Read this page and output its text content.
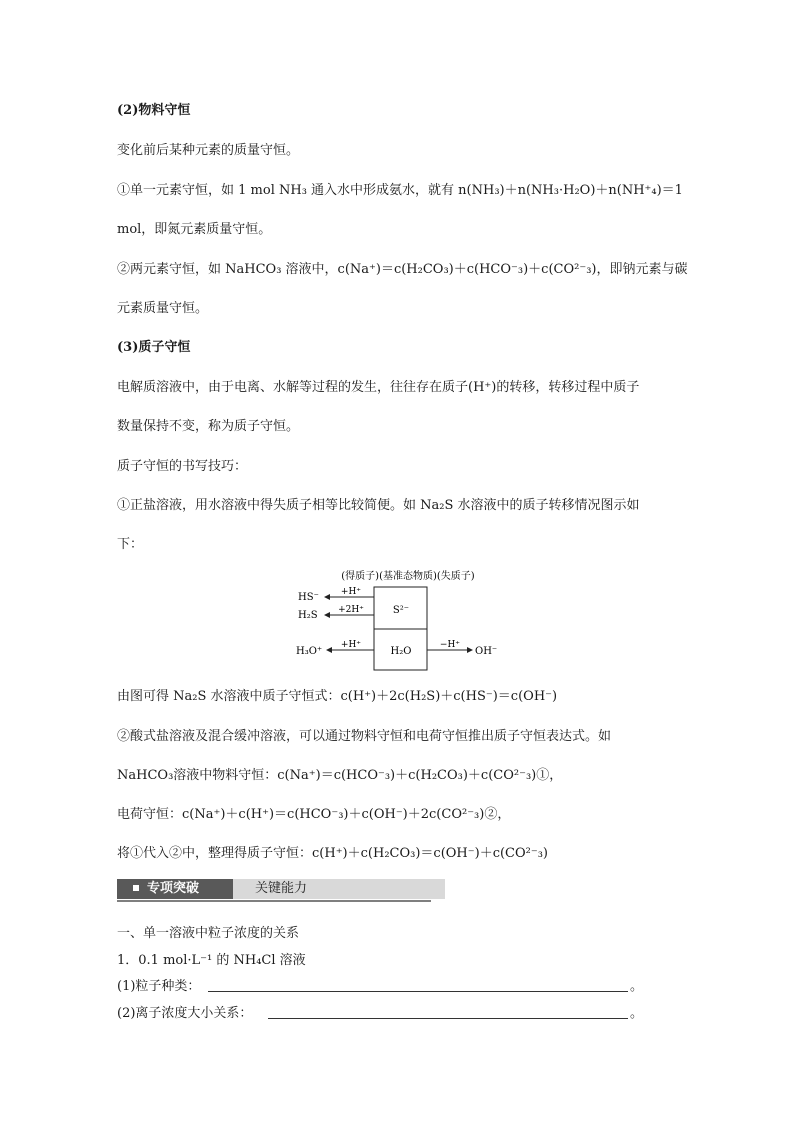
(2)物料守恒
变化前后某种元素的质量守恒。
①单一元素守恒，如 1 mol NH₃ 通入水中形成氨水，就有 n(NH₃)＋n(NH₃·H₂O)＋n(NH⁺₄)＝1
mol，即氮元素质量守恒。
②两元素守恒，如 NaHCO₃ 溶液中，c(Na⁺)＝c(H₂CO₃)＋c(HCO⁻₃)＋c(CO²⁻₃)，即钠元素与碳
元素质量守恒。
(3)质子守恒
电解质溶液中，由于电离、水解等过程的发生，往往存在质子(H⁺)的转移，转移过程中质子
数量保持不变，称为质子守恒。
质子守恒的书写技巧：
①正盐溶液，用水溶液中得失质子相等比较简便。如 Na₂S 水溶液中的质子转移情况图示如
下：
(得质子)(基准态物质)(失质子)
S²⁻
H₂O
HS⁻ +H⁺
H₂S +2H⁺
H₃O⁺
+H⁺	−H⁺
OH⁻
由图可得 Na₂S 水溶液中质子守恒式：c(H⁺)＋2c(H₂S)＋c(HS⁻)＝c(OH⁻)
②酸式盐溶液及混合缓冲溶液，可以通过物料守恒和电荷守恒推出质子守恒表达式。如
NaHCO₃溶液中物料守恒：c(Na⁺)＝c(HCO⁻₃)＋c(H₂CO₃)＋c(CO²⁻₃)①，
电荷守恒：c(Na⁺)＋c(H⁺)＝c(HCO⁻₃)＋c(OH⁻)＋2c(CO²⁻₃)②，
将①代入②中，整理得质子守恒：c(H⁺)＋c(H₂CO₃)＝c(OH⁻)＋c(CO²⁻₃)
专项突破	关键能力
一、单一溶液中粒子浓度的关系
1．0.1 mol·L⁻¹ 的 NH₄Cl 溶液
(1)粒子种类：	。
(2)离子浓度大小关系：	。
